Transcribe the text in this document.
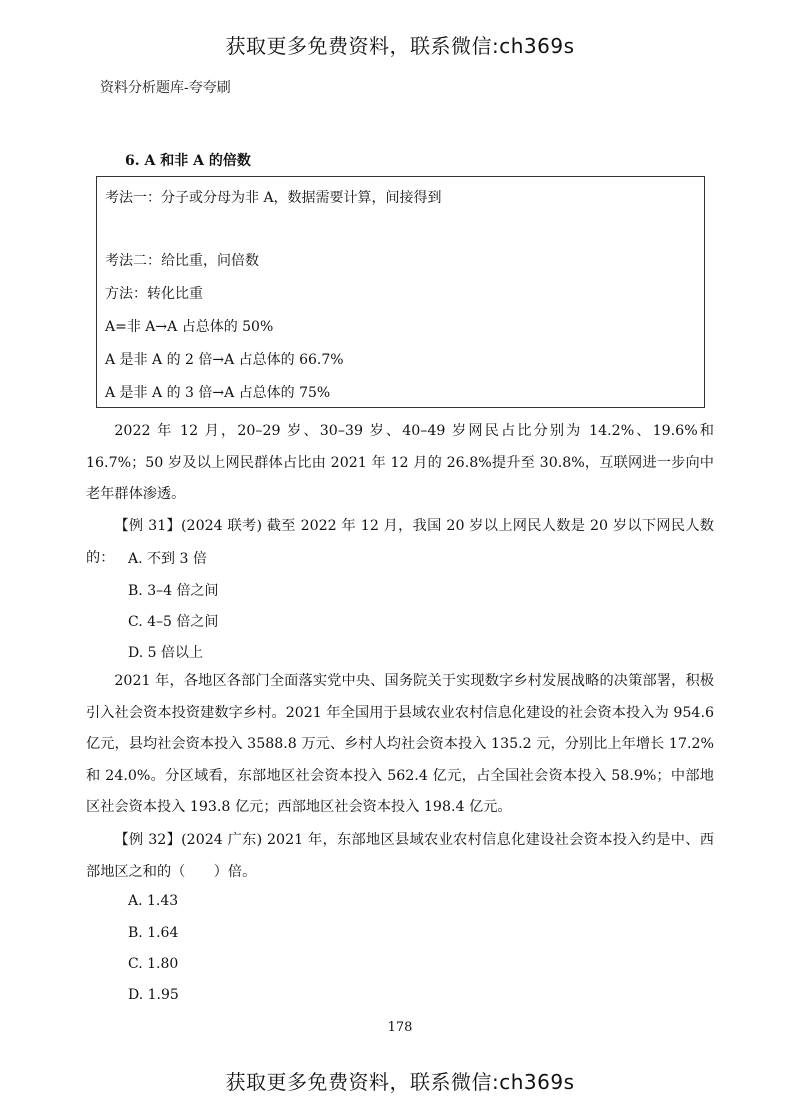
获取更多免费资料，联系微信:ch369s
资料分析题库-夸夸刷
6. A 和非 A 的倍数
考法一：分子或分母为非 A，数据需要计算，间接得到
考法二：给比重，问倍数
方法：转化比重
A=非 A→A 占总体的 50%
A 是非 A 的 2 倍→A 占总体的 66.7%
A 是非 A 的 3 倍→A 占总体的 75%

2022 年 12 月，20–29 岁、30–39 岁、40–49 岁网民占比分别为 14.2%、19.6%和 16.7%；50 岁及以上网民群体占比由 2021 年 12 月的 26.8%提升至 30.8%，互联网进一步向中老年群体渗透。

【例 31】(2024 联考) 截至 2022 年 12 月，我国 20 岁以上网民人数是 20 岁以下网民人数的： A. 不到 3 倍
B. 3–4 倍之间
C. 4–5 倍之间
D. 5 倍以上

2021 年，各地区各部门全面落实党中央、国务院关于实现数字乡村发展战略的决策部署，积极引入社会资本投资建数字乡村。2021 年全国用于县域农业农村信息化建设的社会资本投入为 954.6 亿元，县均社会资本投入 3588.8 万元、乡村人均社会资本投入 135.2 元，分别比上年增长 17.2%和 24.0%。分区域看，东部地区社会资本投入 562.4 亿元，占全国社会资本投入 58.9%；中部地区社会资本投入 193.8 亿元；西部地区社会资本投入 198.4 亿元。

【例 32】(2024 广东) 2021 年，东部地区县域农业农村信息化建设社会资本投入约是中、西部地区之和的（　　）倍。

A. 1.43
B. 1.64
C. 1.80
D. 1.95
178
获取更多免费资料，联系微信:ch369s
